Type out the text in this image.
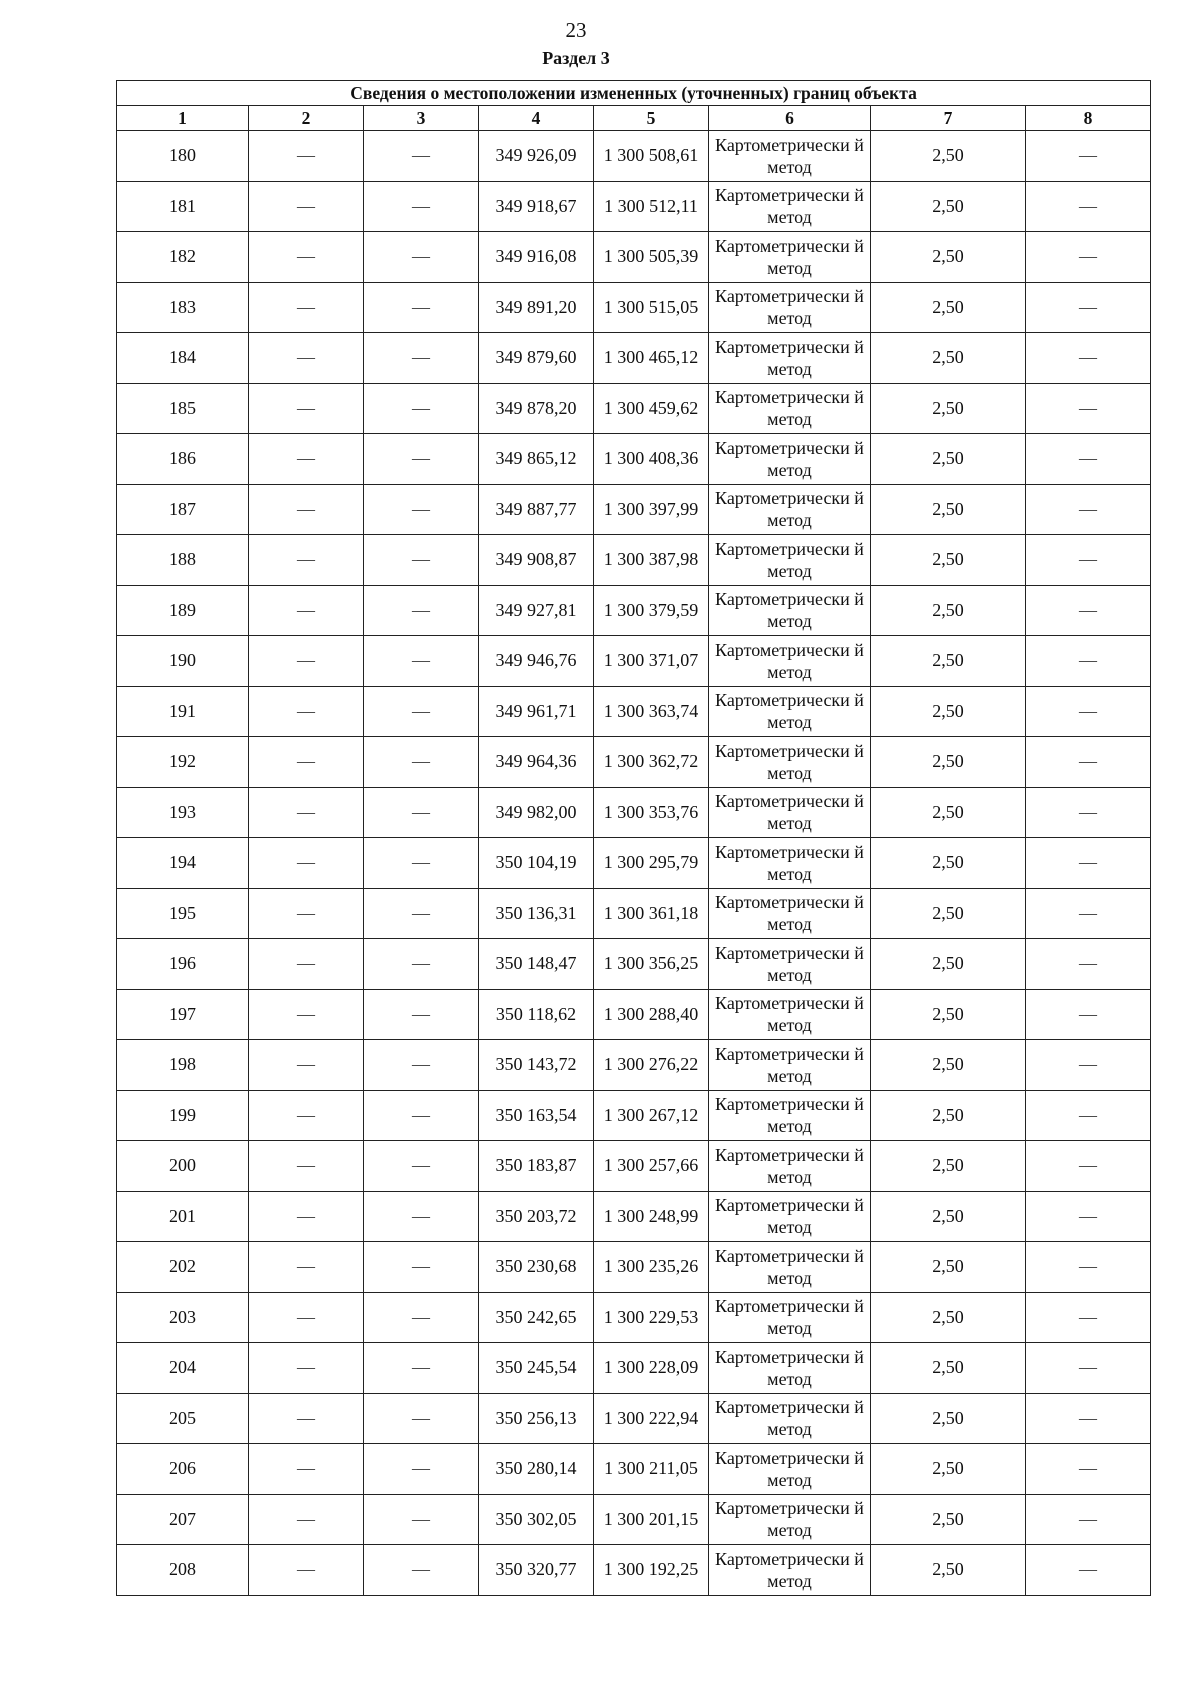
23
Раздел 3
Сведения о местоположении измененных (уточненных) границ объекта							
1	2	3	4	5	6	7	8
180	—	—	349 926,09	1 300 508,61	Картометрически й метод	2,50	—
181	—	—	349 918,67	1 300 512,11	Картометрически й метод	2,50	—
182	—	—	349 916,08	1 300 505,39	Картометрически й метод	2,50	—
183	—	—	349 891,20	1 300 515,05	Картометрически й метод	2,50	—
184	—	—	349 879,60	1 300 465,12	Картометрически й метод	2,50	—
185	—	—	349 878,20	1 300 459,62	Картометрически й метод	2,50	—
186	—	—	349 865,12	1 300 408,36	Картометрически й метод	2,50	—
187	—	—	349 887,77	1 300 397,99	Картометрически й метод	2,50	—
188	—	—	349 908,87	1 300 387,98	Картометрически й метод	2,50	—
189	—	—	349 927,81	1 300 379,59	Картометрически й метод	2,50	—
190	—	—	349 946,76	1 300 371,07	Картометрически й метод	2,50	—
191	—	—	349 961,71	1 300 363,74	Картометрически й метод	2,50	—
192	—	—	349 964,36	1 300 362,72	Картометрически й метод	2,50	—
193	—	—	349 982,00	1 300 353,76	Картометрически й метод	2,50	—
194	—	—	350 104,19	1 300 295,79	Картометрически й метод	2,50	—
195	—	—	350 136,31	1 300 361,18	Картометрически й метод	2,50	—
196	—	—	350 148,47	1 300 356,25	Картометрически й метод	2,50	—
197	—	—	350 118,62	1 300 288,40	Картометрически й метод	2,50	—
198	—	—	350 143,72	1 300 276,22	Картометрически й метод	2,50	—
199	—	—	350 163,54	1 300 267,12	Картометрически й метод	2,50	—
200	—	—	350 183,87	1 300 257,66	Картометрически й метод	2,50	—
201	—	—	350 203,72	1 300 248,99	Картометрически й метод	2,50	—
202	—	—	350 230,68	1 300 235,26	Картометрически й метод	2,50	—
203	—	—	350 242,65	1 300 229,53	Картометрически й метод	2,50	—
204	—	—	350 245,54	1 300 228,09	Картометрически й метод	2,50	—
205	—	—	350 256,13	1 300 222,94	Картометрически й метод	2,50	—
206	—	—	350 280,14	1 300 211,05	Картометрически й метод	2,50	—
207	—	—	350 302,05	1 300 201,15	Картометрически й метод	2,50	—
208	—	—	350 320,77	1 300 192,25	Картометрически й метод	2,50	—
